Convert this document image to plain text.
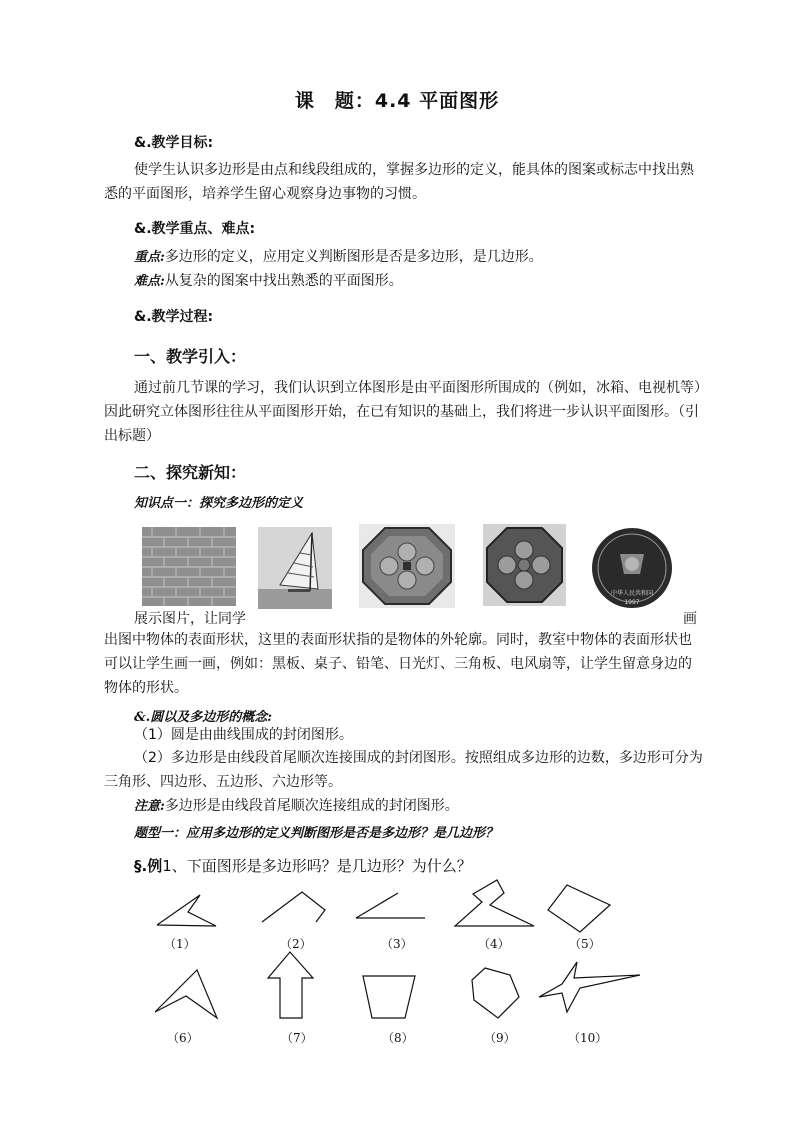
课　题：4.4 平面图形
&.教学目标:
使学生认识多边形是由点和线段组成的，掌握多边形的定义，能具体的图案或标志中找出熟悉的平面图形，培养学生留心观察身边事物的习惯。
&.教学重点、难点:
重点:多边形的定义，应用定义判断图形是否是多边形，是几边形。
难点:从复杂的图案中找出熟悉的平面图形。
&.教学过程:
一、教学引入：
通过前几节课的学习，我们认识到立体图形是由平面图形所围成的（例如，冰箱、电视机等）因此研究立体图形往往从平面图形开始，在已有知识的基础上，我们将进一步认识平面图形。（引出标题）
二、探究新知：
知识点一：探究多边形的定义
中华人民共和国
1997
展示图片，让同学	画
出图中物体的表面形状，这里的表面形状指的是物体的外轮廓。同时，教室中物体的表面形状也可以让学生画一画，例如：黑板、桌子、铅笔、日光灯、三角板、电风扇等，让学生留意身边的物体的形状。
&.圆以及多边形的概念:
（1）圆是由曲线围成的封闭图形。
（2）多边形是由线段首尾顺次连接围成的封闭图形。按照组成多边形的边数，多边形可分为三角形、四边形、五边形、六边形等。
注意:多边形是由线段首尾顺次连接组成的封闭图形。
题型一：应用多边形的定义判断图形是否是多边形？是几边形？
§.例1、下面图形是多边形吗？是几边形？为什么？
（1）	（2）	（3）	（4）	（5）
（6）	（7）	（8）	（9）	（10）
